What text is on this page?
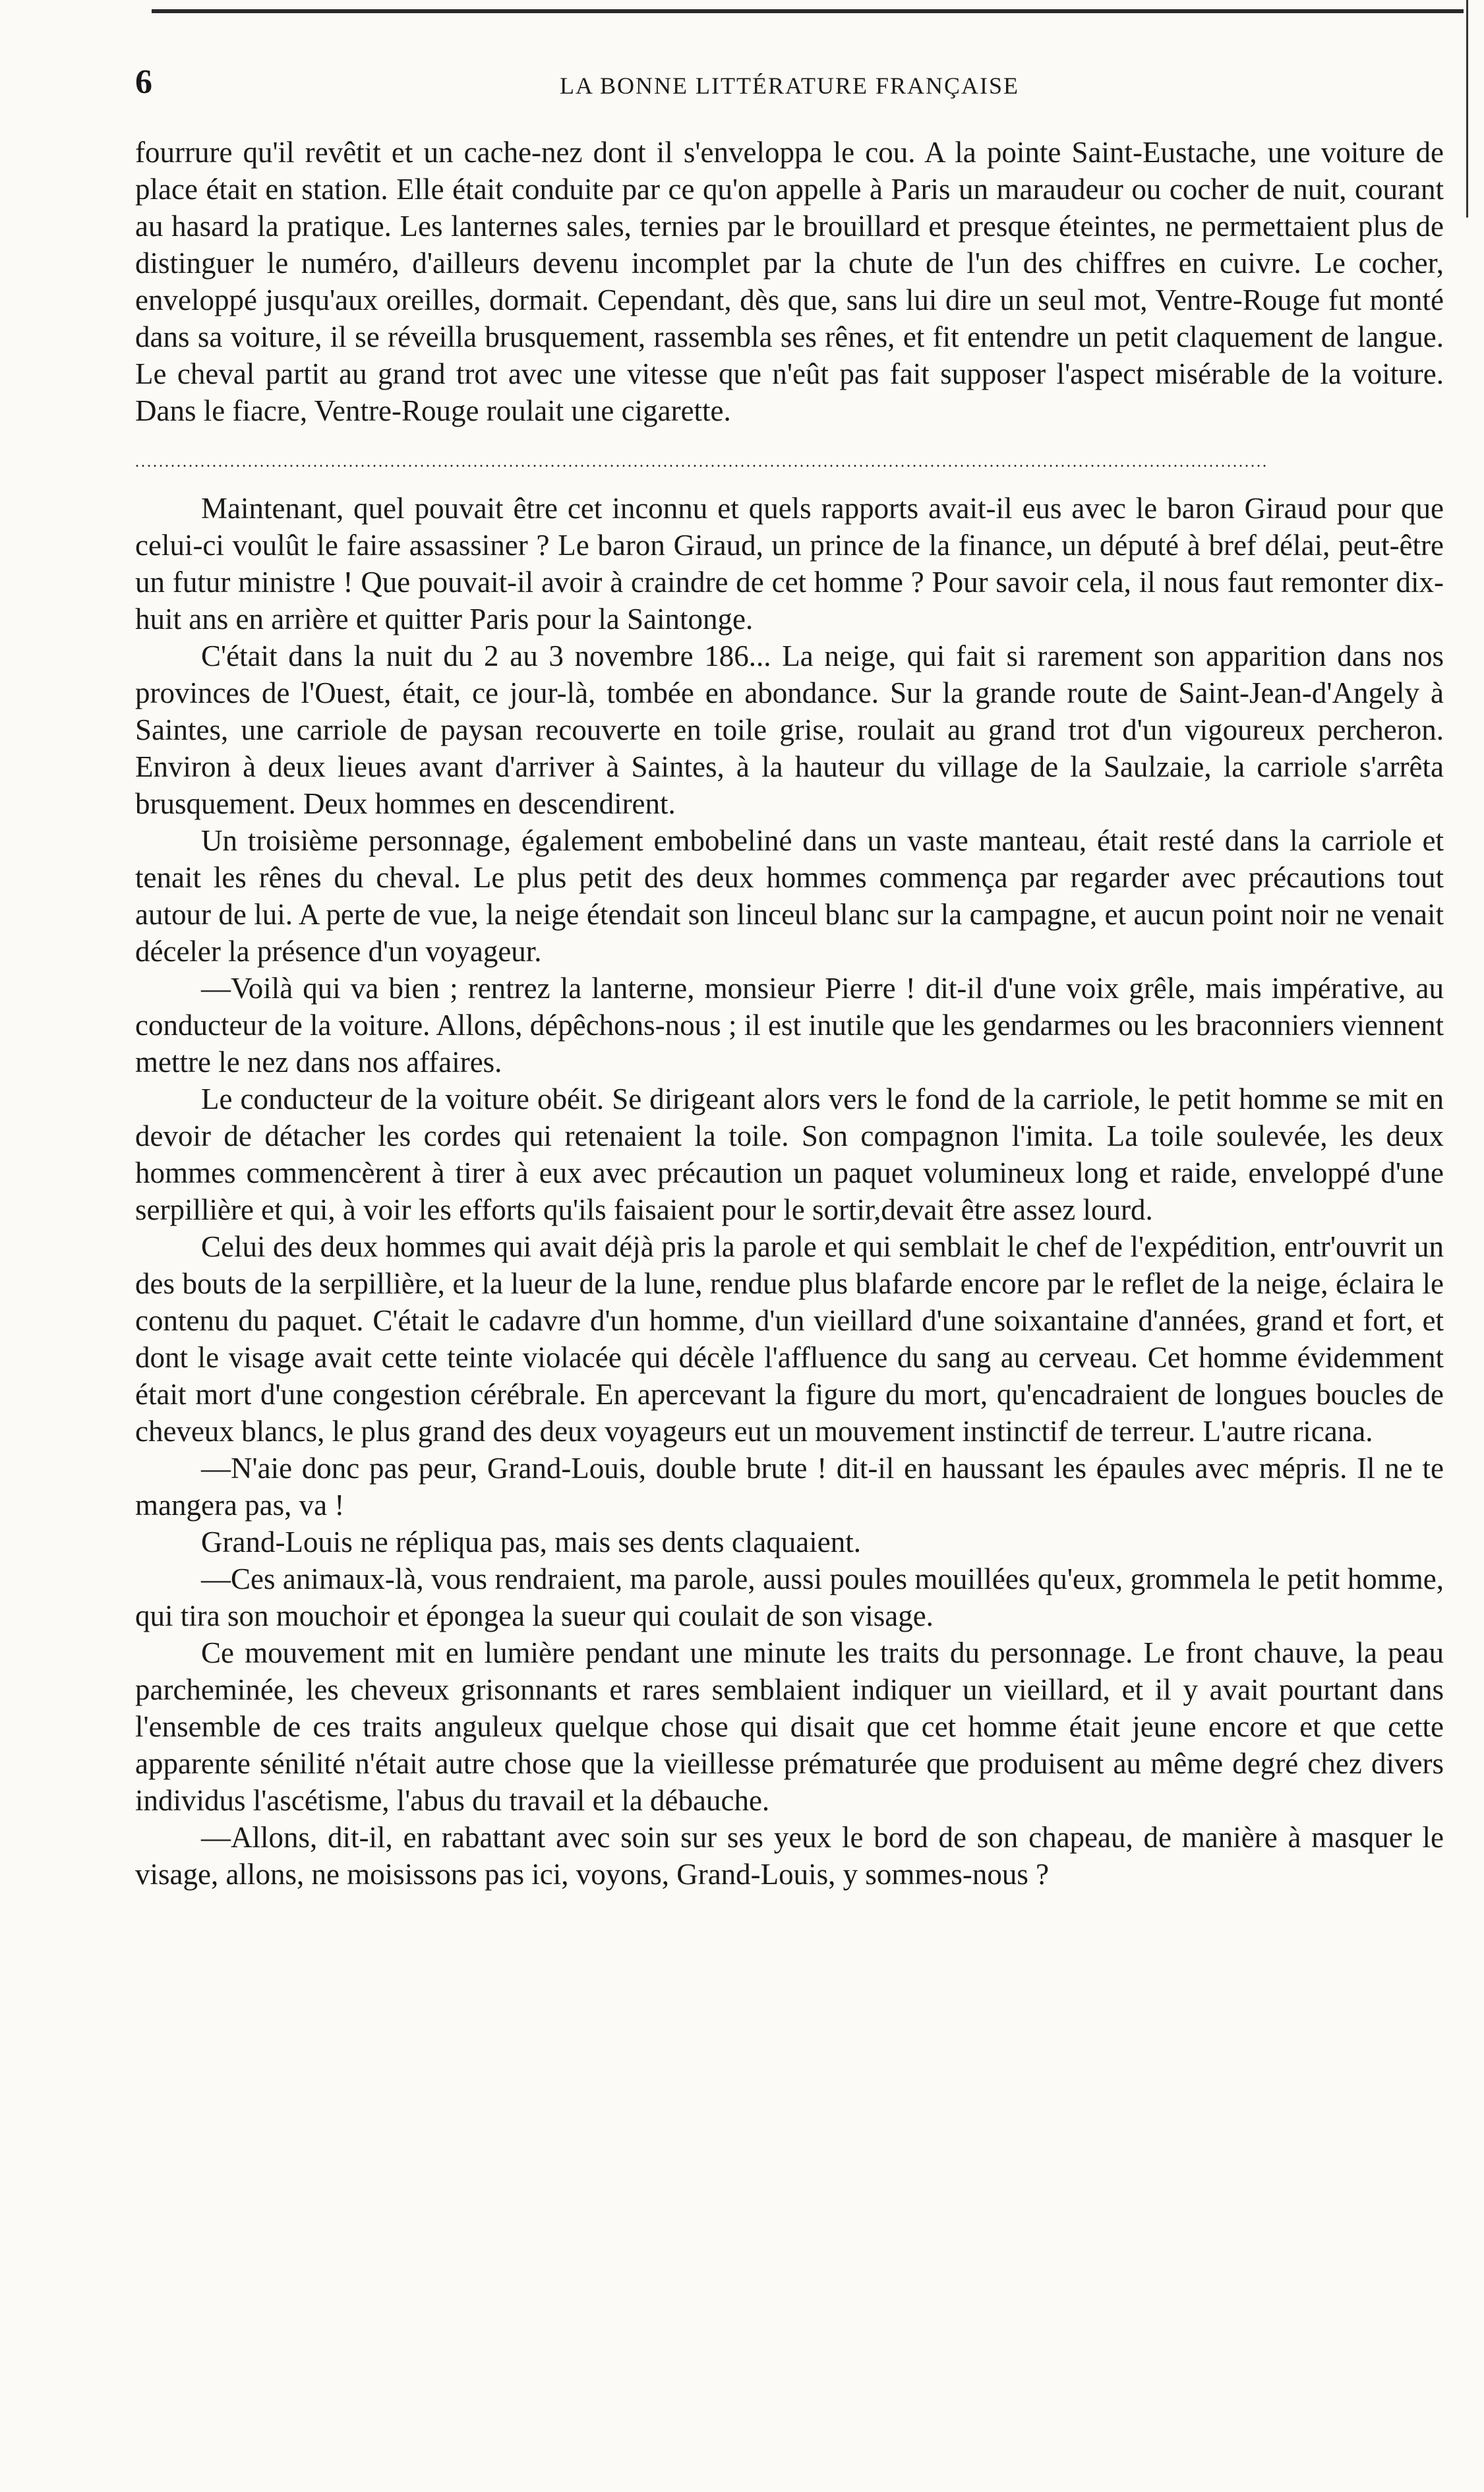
6	LA BONNE LITTÉRATURE FRANÇAISE

fourrure qu'il revêtit et un cache-nez dont il s'enveloppa le cou. A la pointe Saint-Eustache, une voiture de place était en station. Elle était conduite par ce qu'on appelle à Paris un maraudeur ou cocher de nuit, courant au hasard la pratique. Les lanternes sales, ternies par le brouillard et presque éteintes, ne permettaient plus de distinguer le numéro, d'ailleurs devenu incomplet par la chute de l'un des chiffres en cuivre. Le cocher, enveloppé jusqu'aux oreilles, dormait. Cependant, dès que, sans lui dire un seul mot, Ventre-Rouge fut monté dans sa voiture, il se réveilla brusquement, rassembla ses rênes, et fit entendre un petit claquement de langue. Le cheval partit au grand trot avec une vitesse que n'eût pas fait supposer l'aspect misérable de la voiture. Dans le fiacre, Ventre-Rouge roulait une cigarette.

...............................................................................................................................................................................................

Maintenant, quel pouvait être cet inconnu et quels rapports avait-il eus avec le baron Giraud pour que celui-ci voulût le faire assassiner ? Le baron Giraud, un prince de la finance, un député à bref délai, peut-être un futur ministre ! Que pouvait-il avoir à craindre de cet homme ? Pour savoir cela, il nous faut remonter dix-huit ans en arrière et quitter Paris pour la Saintonge.

C'était dans la nuit du 2 au 3 novembre 186... La neige, qui fait si rarement son apparition dans nos provinces de l'Ouest, était, ce jour-là, tombée en abondance. Sur la grande route de Saint-Jean-d'Angely à Saintes, une carriole de paysan recouverte en toile grise, roulait au grand trot d'un vigoureux percheron. Environ à deux lieues avant d'arriver à Saintes, à la hauteur du village de la Saulzaie, la carriole s'arrêta brusquement. Deux hommes en descendirent.

Un troisième personnage, également embobeliné dans un vaste manteau, était resté dans la carriole et tenait les rênes du cheval. Le plus petit des deux hommes commença par regarder avec précautions tout autour de lui. A perte de vue, la neige étendait son linceul blanc sur la campagne, et aucun point noir ne venait déceler la présence d'un voyageur.

—Voilà qui va bien ; rentrez la lanterne, monsieur Pierre ! dit-il d'une voix grêle, mais impérative, au conducteur de la voiture. Allons, dépêchons-nous ; il est inutile que les gendarmes ou les braconniers viennent mettre le nez dans nos affaires.

Le conducteur de la voiture obéit. Se dirigeant alors vers le fond de la carriole, le petit homme se mit en devoir de détacher les cordes qui retenaient la toile. Son compagnon l'imita. La toile soulevée, les deux hommes commencèrent à tirer à eux avec précaution un paquet volumineux long et raide, enveloppé d'une serpillière et qui, à voir les efforts qu'ils faisaient pour le sortir,devait être assez lourd.

Celui des deux hommes qui avait déjà pris la parole et qui semblait le chef de l'expédition, entr'ouvrit un des bouts de la serpillière, et la lueur de la lune, rendue plus blafarde encore par le reflet de la neige, éclaira le contenu du paquet. C'était le cadavre d'un homme, d'un vieillard d'une soixantaine d'années, grand et fort, et dont le visage avait cette teinte violacée qui décèle l'affluence du sang au cerveau. Cet homme évidemment était mort d'une congestion cérébrale. En apercevant la figure du mort, qu'encadraient de longues boucles de cheveux blancs, le plus grand des deux voyageurs eut un mouvement instinctif de terreur. L'autre ricana.

—N'aie donc pas peur, Grand-Louis, double brute ! dit-il en haussant les épaules avec mépris. Il ne te mangera pas, va !

Grand-Louis ne répliqua pas, mais ses dents claquaient.

—Ces animaux-là, vous rendraient, ma parole, aussi poules mouillées qu'eux, grommela le petit homme, qui tira son mouchoir et épongea la sueur qui coulait de son visage.

Ce mouvement mit en lumière pendant une minute les traits du personnage. Le front chauve, la peau parcheminée, les cheveux grisonnants et rares semblaient indiquer un vieillard, et il y avait pourtant dans l'ensemble de ces traits anguleux quelque chose qui disait que cet homme était jeune encore et que cette apparente sénilité n'était autre chose que la vieillesse prématurée que produisent au même degré chez divers individus l'ascétisme, l'abus du travail et la débauche.

—Allons, dit-il, en rabattant avec soin sur ses yeux le bord de son chapeau, de manière à masquer le visage, allons, ne moisissons pas ici, voyons, Grand-Louis, y sommes-nous ?
